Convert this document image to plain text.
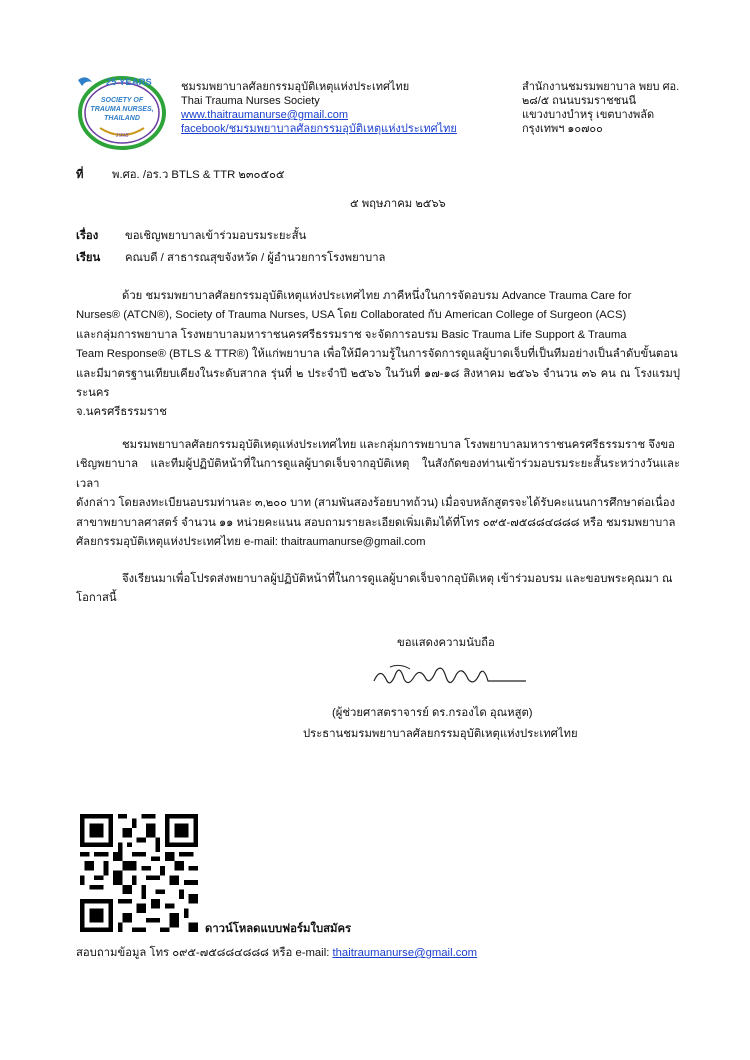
25 YEARS
SOCIETY OF
TRAUMA NURSES,
THAILAND
1998
ชมรมพยาบาลศัลยกรรมอุบัติเหตุแห่งประเทศไทย
Thai Trauma Nurses Society
www.thaitraumanurse@gmail.com
facebook/ชมรมพยาบาลศัลยกรรมอุบัติเหตุแห่งประเทศไทย
สำนักงานชมรมพยาบาล พยบ ศอ.
๒๘/๕ ถนนบรมราชชนนี
แขวงบางบำหรุ เขตบางพลัด
กรุงเทพฯ ๑๐๗๐๐
ที่	พ.ศอ. /อร.ว BTLS & TTR ๒๓๐๕๐๕
๕ พฤษภาคม ๒๕๖๖
เรื่อง ขอเชิญพยาบาลเข้าร่วมอบรมระยะสั้น
เรียน คณบดี / สาธารณสุขจังหวัด / ผู้อำนวยการโรงพยาบาล
ด้วย ชมรมพยาบาลศัลยกรรมอุบัติเหตุแห่งประเทศไทย ภาคีหนึ่งในการจัดอบรม Advance Trauma Care for
Nurses® (ATCN®), Society of Trauma Nurses, USA โดย Collaborated กับ American College of Surgeon (ACS)
และกลุ่มการพยาบาล โรงพยาบาลมหาราชนครศรีธรรมราช จะจัดการอบรม Basic Trauma Life Support & Trauma
Team Response® (BTLS & TTR®) ให้แก่พยาบาล เพื่อให้มีความรู้ในการจัดการดูแลผู้บาดเจ็บที่เป็นทีมอย่างเป็นลำดับขั้นตอน
และมีมาตรฐานเทียบเคียงในระดับสากล รุ่นที่ ๒ ประจำปี ๒๕๖๖ ในวันที่ ๑๗-๑๘ สิงหาคม ๒๕๖๖ จำนวน ๓๖ คน ณ โรงแรมปุระนคร
จ.นครศรีธรรมราช
ชมรมพยาบาลศัลยกรรมอุบัติเหตุแห่งประเทศไทย และกลุ่มการพยาบาล โรงพยาบาลมหาราชนครศรีธรรมราช จึงขอ
เชิญพยาบาล และทีมผู้ปฏิบัติหน้าที่ในการดูแลผู้บาดเจ็บจากอุบัติเหตุ ในสังกัดของท่านเข้าร่วมอบรมระยะสั้นระหว่างวันและเวลา
ดังกล่าว โดยลงทะเบียนอบรมท่านละ ๓,๒๐๐ บาท (สามพันสองร้อยบาทถ้วน) เมื่อจบหลักสูตรจะได้รับคะแนนการศึกษาต่อเนื่อง
สาขาพยาบาลศาสตร์ จำนวน ๑๑ หน่วยคะแนน สอบถามรายละเอียดเพิ่มเติมได้ที่โทร ๐๙๕-๗๕๘๘๔๘๘๘ หรือ ชมรมพยาบาล
ศัลยกรรมอุบัติเหตุแห่งประเทศไทย e-mail: thaitraumanurse@gmail.com
จึงเรียนมาเพื่อโปรดส่งพยาบาลผู้ปฏิบัติหน้าที่ในการดูแลผู้บาดเจ็บจากอุบัติเหตุ เข้าร่วมอบรม และขอบพระคุณมา ณ
โอกาสนี้
ขอแสดงความนับถือ
(ผู้ช่วยศาสตราจารย์ ดร.กรองได อุณหสูต)
ประธานชมรมพยาบาลศัลยกรรมอุบัติเหตุแห่งประเทศไทย
ดาวน์โหลดแบบฟอร์มใบสมัคร
สอบถามข้อมูล โทร ๐๙๕-๗๕๘๘๔๘๘๘ หรือ e-mail: thaitraumanurse@gmail.com
